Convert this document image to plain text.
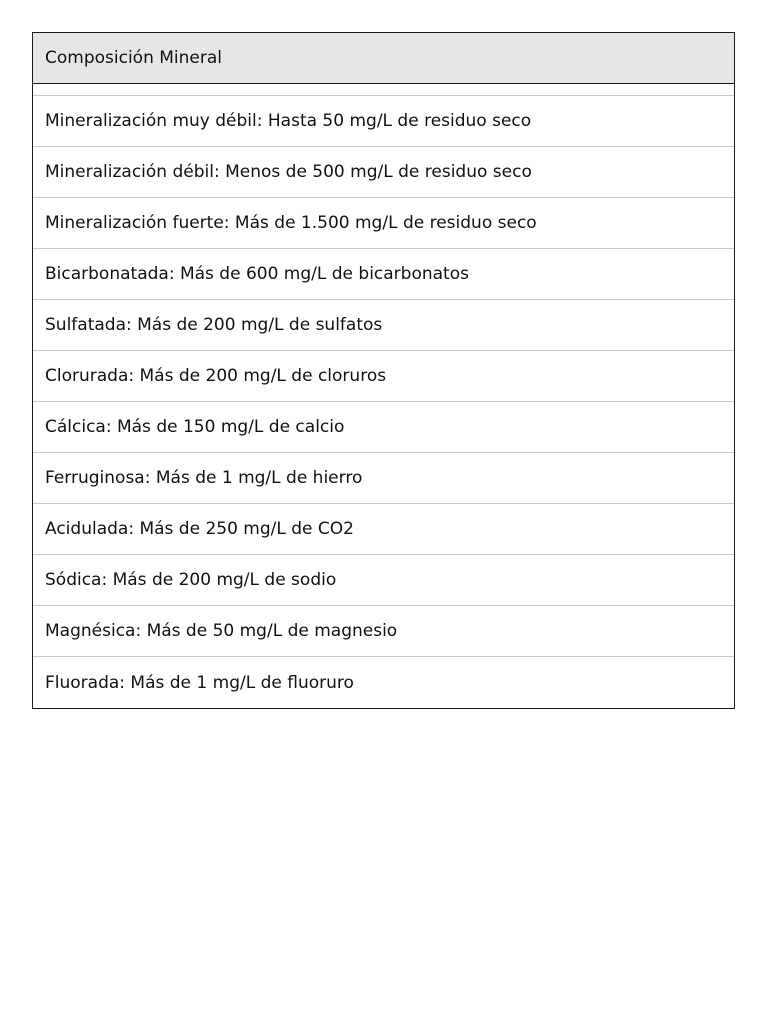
Composición Mineral
Mineralización muy débil: Hasta 50 mg/L de residuo seco
Mineralización débil: Menos de 500 mg/L de residuo seco
Mineralización fuerte: Más de 1.500 mg/L de residuo seco
Bicarbonatada: Más de 600 mg/L de bicarbonatos
Sulfatada: Más de 200 mg/L de sulfatos
Clorurada: Más de 200 mg/L de cloruros
Cálcica: Más de 150 mg/L de calcio
Ferruginosa: Más de 1 mg/L de hierro
Acidulada: Más de 250 mg/L de CO2
Sódica: Más de 200 mg/L de sodio
Magnésica: Más de 50 mg/L de magnesio
Fluorada: Más de 1 mg/L de fluoruro
